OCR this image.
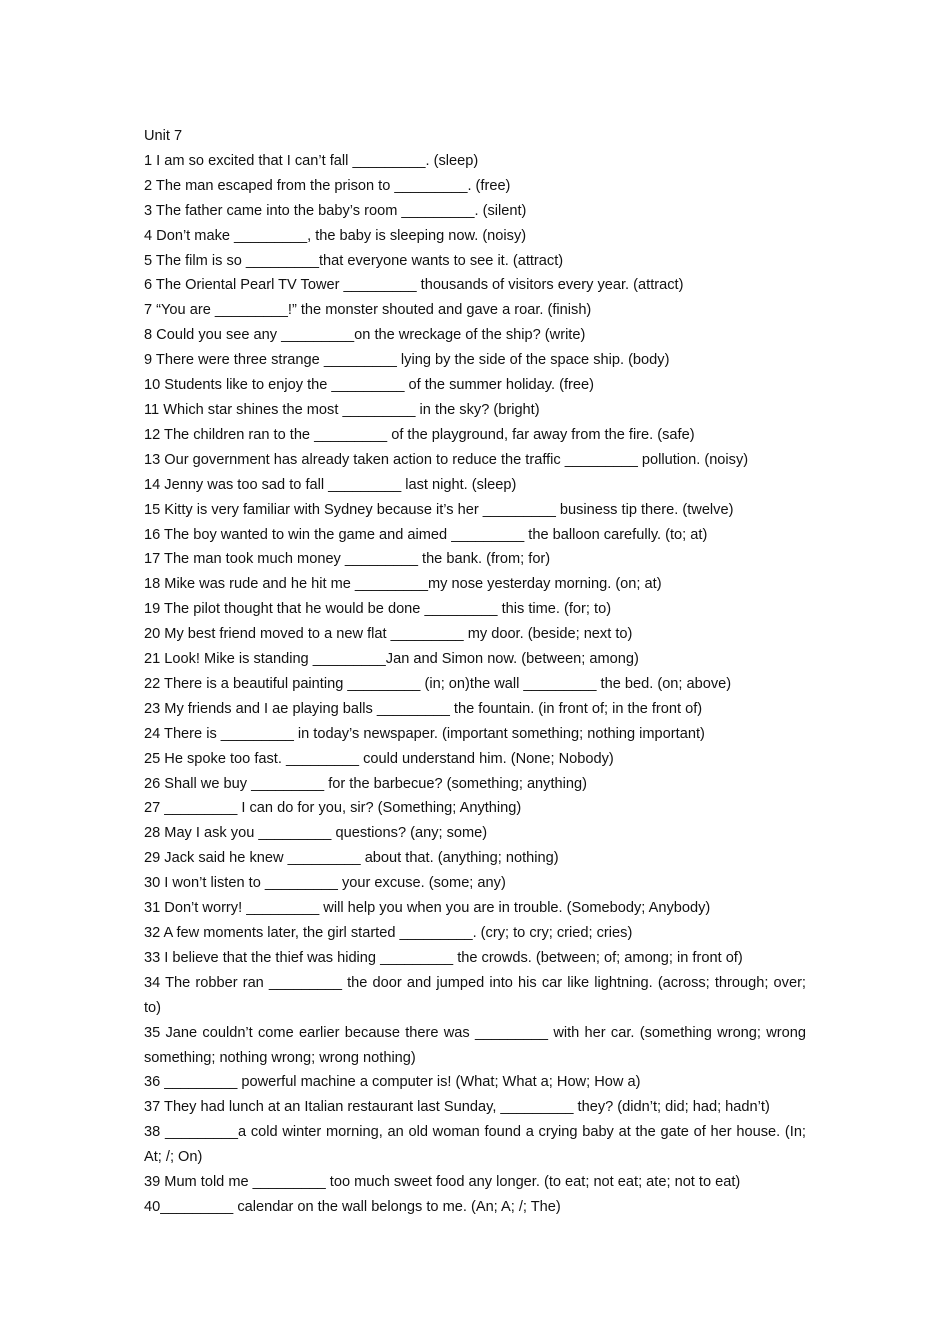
Unit 7
1 I am so excited that I can’t fall _________. (sleep)
2 The man escaped from the prison to _________. (free)
3 The father came into the baby’s room _________. (silent)
4 Don’t make _________, the baby is sleeping now. (noisy)
5 The film is so _________that everyone wants to see it. (attract)
6 The Oriental Pearl TV Tower _________ thousands of visitors every year. (attract)
7 “You are _________!” the monster shouted and gave a roar. (finish)
8 Could you see any _________on the wreckage of the ship? (write)
9 There were three strange _________ lying by the side of the space ship. (body)
10 Students like to enjoy the _________ of the summer holiday. (free)
11 Which star shines the most _________ in the sky? (bright)
12 The children ran to the _________ of the playground, far away from the fire. (safe)
13 Our government has already taken action to reduce the traffic _________ pollution. (noisy)
14 Jenny was too sad to fall _________ last night. (sleep)
15 Kitty is very familiar with Sydney because it’s her _________ business tip there. (twelve)
16 The boy wanted to win the game and aimed _________ the balloon carefully. (to; at)
17 The man took much money _________ the bank. (from; for)
18 Mike was rude and he hit me _________my nose yesterday morning. (on; at)
19 The pilot thought that he would be done _________ this time. (for; to)
20 My best friend moved to a new flat _________ my door. (beside; next to)
21 Look! Mike is standing _________Jan and Simon now. (between; among)
22 There is a beautiful painting _________ (in; on)the wall _________ the bed. (on; above)
23 My friends and I ae playing balls _________ the fountain. (in front of; in the front of)
24 There is _________ in today’s newspaper. (important something; nothing important)
25 He spoke too fast. _________ could understand him. (None; Nobody)
26 Shall we buy _________ for the barbecue? (something; anything)
27 _________ I can do for you, sir? (Something; Anything)
28 May I ask you _________ questions? (any; some)
29 Jack said he knew _________ about that. (anything; nothing)
30 I won’t listen to _________ your excuse. (some; any)
31 Don’t worry! _________ will help you when you are in trouble. (Somebody; Anybody)
32 A few moments later, the girl started _________. (cry; to cry; cried; cries)
33 I believe that the thief was hiding _________ the crowds. (between; of; among; in front of)
34 The robber ran _________ the door and jumped into his car like lightning. (across; through; over; to)
35 Jane couldn’t come earlier because there was _________ with her car. (something wrong; wrong something; nothing wrong; wrong nothing)
36 _________ powerful machine a computer is! (What; What a; How; How a)
37 They had lunch at an Italian restaurant last Sunday, _________ they? (didn’t; did; had; hadn’t)
38 _________a cold winter morning, an old woman found a crying baby at the gate of her house. (In; At; /; On)
39 Mum told me _________ too much sweet food any longer. (to eat; not eat; ate; not to eat)
40_________ calendar on the wall belongs to me. (An; A; /; The)
